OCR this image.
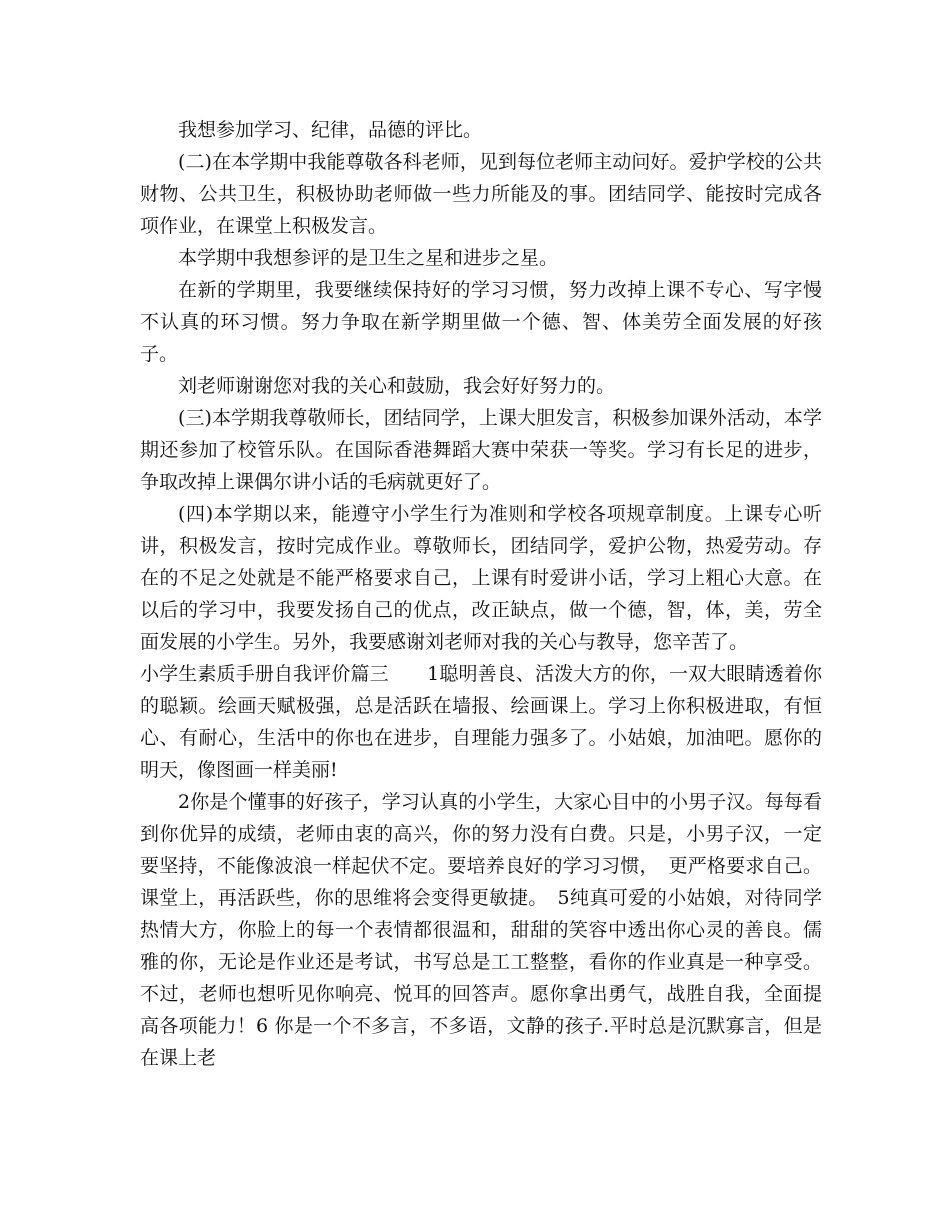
我想参加学习、纪律，品德的评比。

(二)在本学期中我能尊敬各科老师，见到每位老师主动问好。爱护学校的公共财物、公共卫生，积极协助老师做一些力所能及的事。团结同学、能按时完成各项作业，在课堂上积极发言。

本学期中我想参评的是卫生之星和进步之星。

在新的学期里，我要继续保持好的学习习惯，努力改掉上课不专心、写字慢不认真的环习惯。努力争取在新学期里做一个德、智、体美劳全面发展的好孩子。

刘老师谢谢您对我的关心和鼓励，我会好好努力的。

(三)本学期我尊敬师长，团结同学，上课大胆发言，积极参加课外活动，本学期还参加了校管乐队。在国际香港舞蹈大赛中荣获一等奖。学习有长足的进步，争取改掉上课偶尔讲小话的毛病就更好了。

(四)本学期以来，能遵守小学生行为准则和学校各项规章制度。上课专心听讲，积极发言，按时完成作业。尊敬师长，团结同学，爱护公物，热爱劳动。存在的不足之处就是不能严格要求自己，上课有时爱讲小话，学习上粗心大意。在以后的学习中，我要发扬自己的优点，改正缺点，做一个德，智，体，美，劳全面发展的小学生。另外，我要感谢刘老师对我的关心与教导，您辛苦了。

小学生素质手册自我评价篇三　　1聪明善良、活泼大方的你，一双大眼睛透着你的聪颖。绘画天赋极强，总是活跃在墙报、绘画课上。学习上你积极进取，有恒心、有耐心，生活中的你也在进步，自理能力强多了。小姑娘，加油吧。愿你的明天，像图画一样美丽!

2你是个懂事的好孩子，学习认真的小学生，大家心目中的小男子汉。每每看到你优异的成绩，老师由衷的高兴，你的努力没有白费。只是，小男子汉，一定要坚持，不能像波浪一样起伏不定。要培养良好的学习习惯，　更严格要求自己。课堂上，再活跃些，你的思维将会变得更敏捷。　5纯真可爱的小姑娘，对待同学热情大方，你脸上的每一个表情都很温和，甜甜的笑容中透出你心灵的善良。儒雅的你，无论是作业还是考试，书写总是工工整整，看你的作业真是一种享受。不过，老师也想听见你响亮、悦耳的回答声。愿你拿出勇气，战胜自我，全面提高各项能力！6 你是一个不多言，不多语，文静的孩子.平时总是沉默寡言，但是在课上老
